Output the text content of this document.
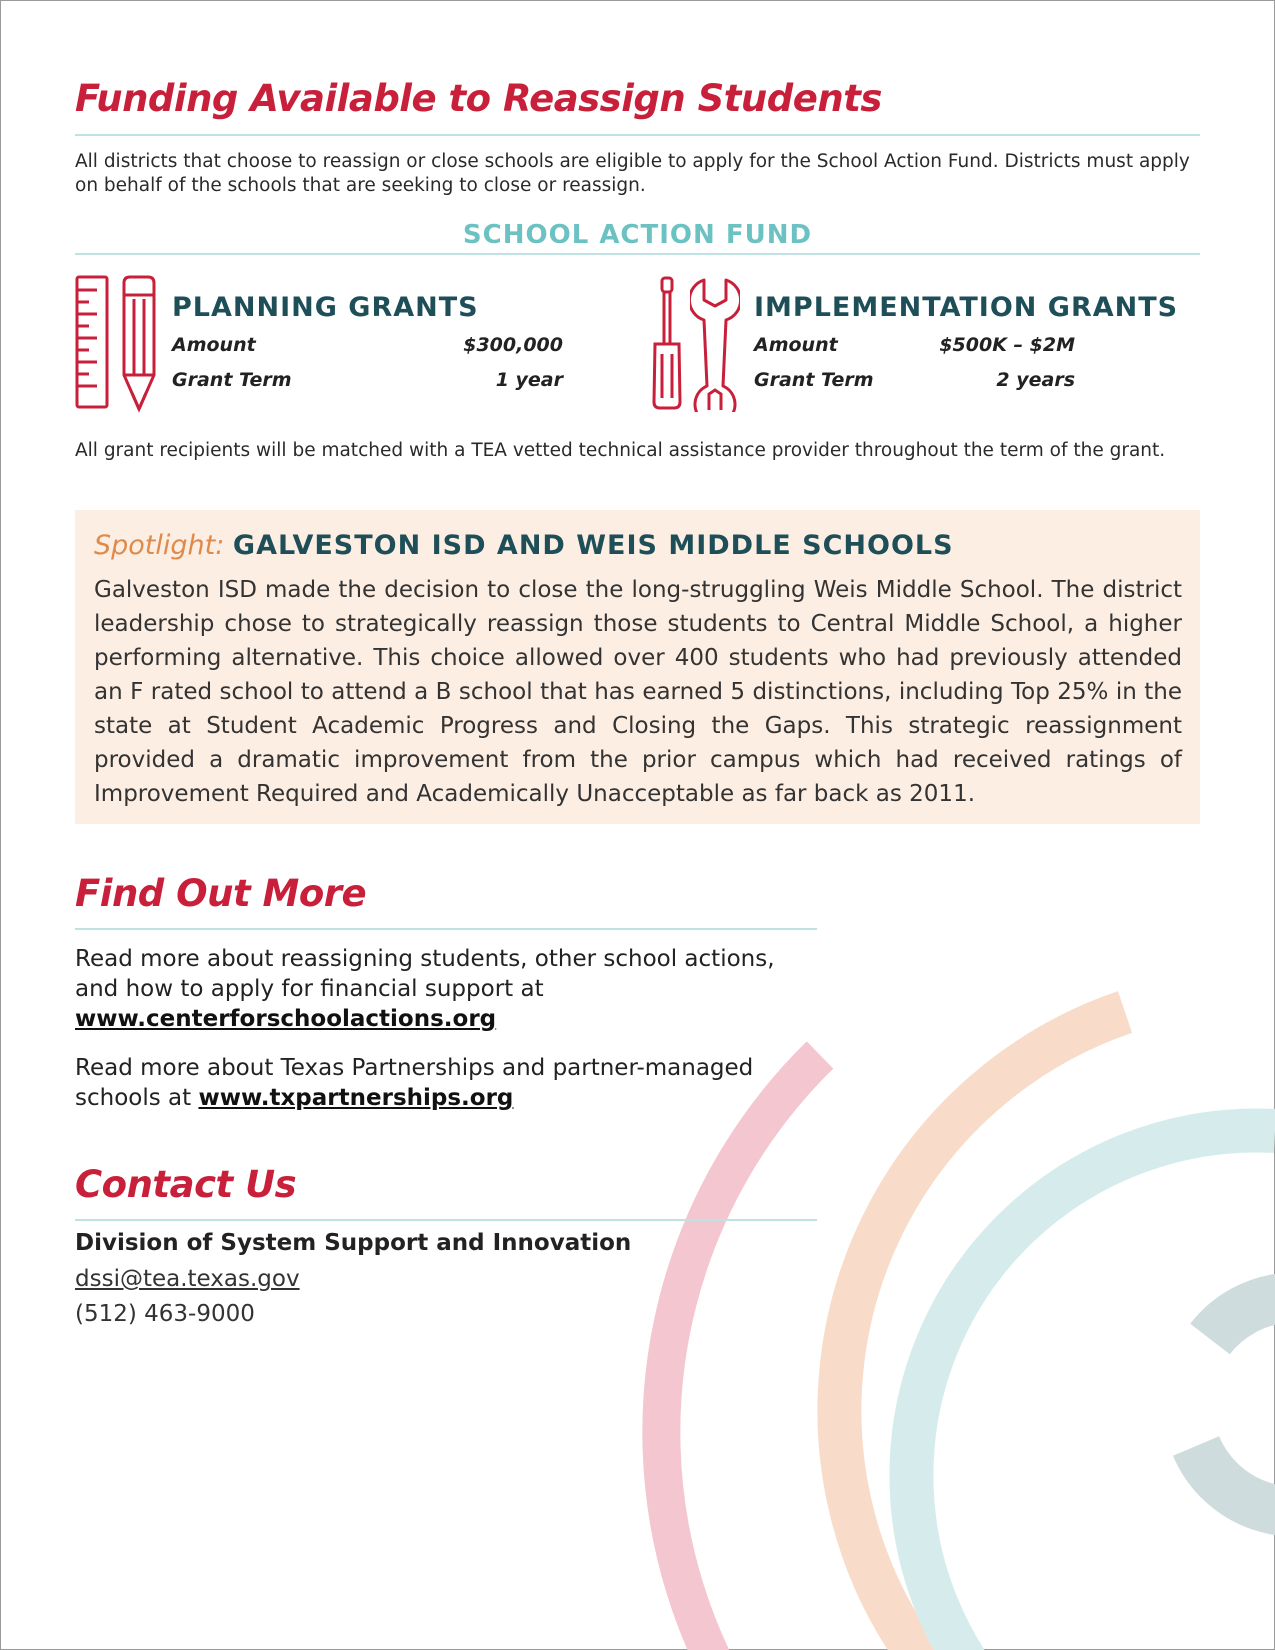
Funding Available to Reassign Students
All districts that choose to reassign or close schools are eligible to apply for the School Action Fund. Districts must apply on behalf of the schools that are seeking to close or reassign.
SCHOOL ACTION FUND
PLANNING GRANTS
Amount	$300,000
Grant Term	1 year
IMPLEMENTATION GRANTS
Amount	$500K – $2M
Grant Term	2 years
All grant recipients will be matched with a TEA vetted technical assistance provider throughout the term of the grant.
Spotlight: GALVESTON ISD AND WEIS MIDDLE SCHOOLS
Galveston ISD made the decision to close the long-struggling Weis Middle School. The district leadership chose to strategically reassign those students to Central Middle School, a higher performing alternative. This choice allowed over 400 students who had previously attended an F rated school to attend a B school that has earned 5 distinctions, including Top 25% in the state at Student Academic Progress and Closing the Gaps. This strategic reassignment provided a dramatic improvement from the prior campus which had received ratings of Improvement Required and Academically Unacceptable as far back as 2011.
Find Out More
Read more about reassigning students, other school actions, and how to apply for financial support at
www.centerforschoolactions.org
Read more about Texas Partnerships and partner-managed schools at www.txpartnerships.org
Contact Us
Division of System Support and Innovation
dssi@tea.texas.gov
(512) 463-9000
